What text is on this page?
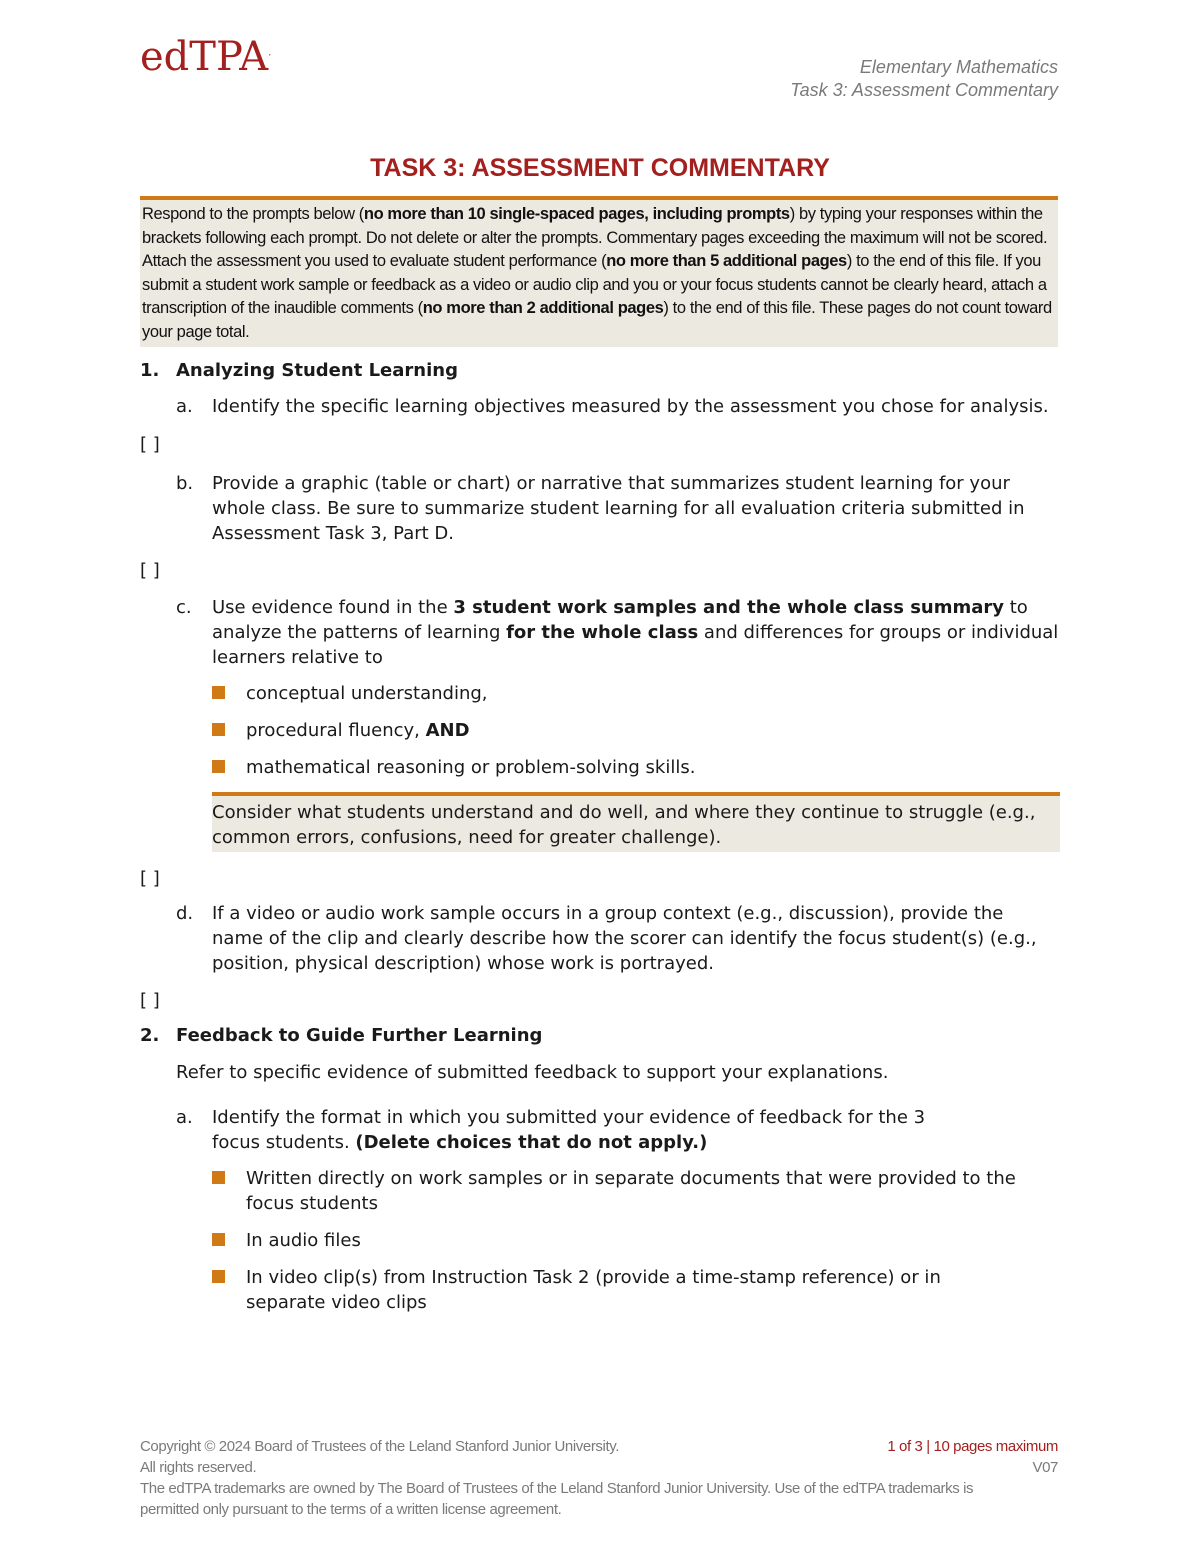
edTPA.
Elementary Mathematics
Task 3: Assessment Commentary
TASK 3: ASSESSMENT COMMENTARY
Respond to the prompts below (no more than 10 single-spaced pages, including prompts) by typing your responses within the brackets following each prompt. Do not delete or alter the prompts. Commentary pages exceeding the maximum will not be scored. Attach the assessment you used to evaluate student performance (no more than 5 additional pages) to the end of this file. If you submit a student work sample or feedback as a video or audio clip and you or your focus students cannot be clearly heard, attach a transcription of the inaudible comments (no more than 2 additional pages) to the end of this file. These pages do not count toward your page total.
1. Analyzing Student Learning
a.	Identify the specific learning objectives measured by the assessment you chose for analysis.
[ ]
b.	Provide a graphic (table or chart) or narrative that summarizes student learning for your whole class. Be sure to summarize student learning for all evaluation criteria submitted in Assessment Task 3, Part D.
[ ]
c.	Use evidence found in the 3 student work samples and the whole class summary to analyze the patterns of learning for the whole class and differences for groups or individual learners relative to
conceptual understanding,
procedural fluency, AND
mathematical reasoning or problem-solving skills.
Consider what students understand and do well, and where they continue to struggle (e.g., common errors, confusions, need for greater challenge).
[ ]
d.	If a video or audio work sample occurs in a group context (e.g., discussion), provide the name of the clip and clearly describe how the scorer can identify the focus student(s) (e.g., position, physical description) whose work is portrayed.
[ ]
2. Feedback to Guide Further Learning
Refer to specific evidence of submitted feedback to support your explanations.
a.	Identify the format in which you submitted your evidence of feedback for the 3 focus students. (Delete choices that do not apply.)
Written directly on work samples or in separate documents that were provided to the focus students
In audio files
In video clip(s) from Instruction Task 2 (provide a time-stamp reference) or in separate video clips
Copyright © 2024 Board of Trustees of the Leland Stanford Junior University.
All rights reserved.
The edTPA trademarks are owned by The Board of Trustees of the Leland Stanford Junior University. Use of the edTPA trademarks is permitted only pursuant to the terms of a written license agreement.
1 of 3 | 10 pages maximum
V07
